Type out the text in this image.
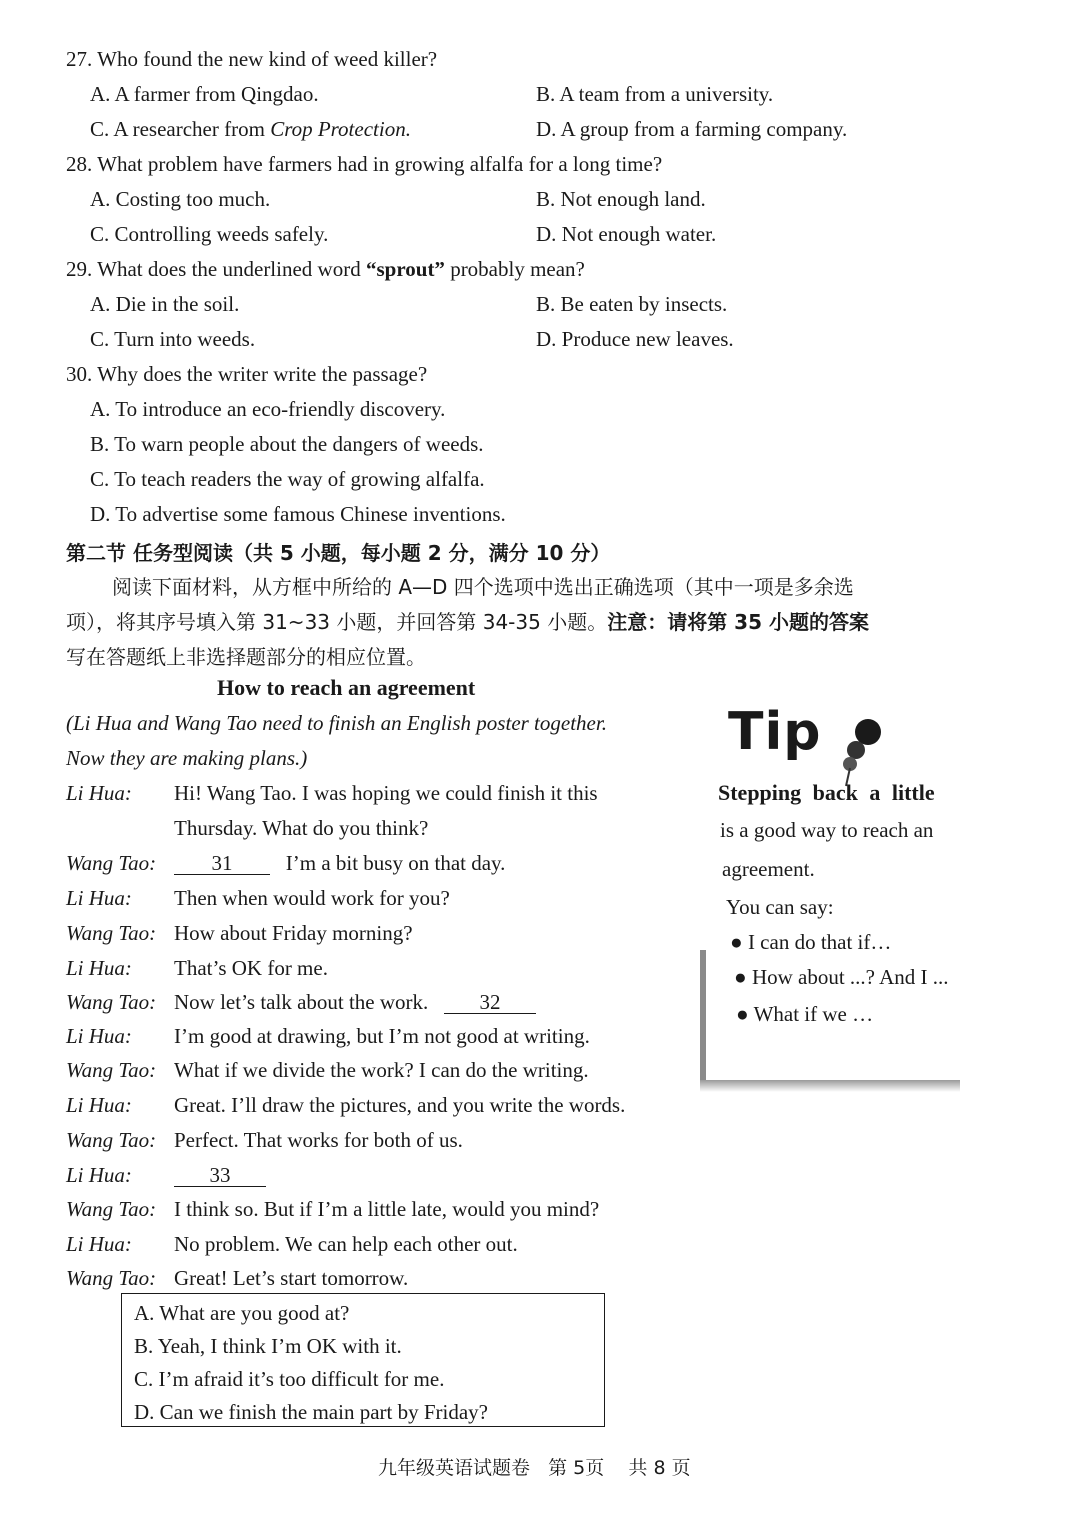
27. Who found the new kind of weed killer?
A. A farmer from Qingdao.	B. A team from a university.
C. A researcher from Crop Protection.	D. A group from a farming company.
28. What problem have farmers had in growing alfalfa for a long time?
A. Costing too much.	B. Not enough land.
C. Controlling weeds safely.	D. Not enough water.
29. What does the underlined word “sprout” probably mean?
A. Die in the soil.	B. Be eaten by insects.
C. Turn into weeds.	D. Produce new leaves.
30. Why does the writer write the passage?
A. To introduce an eco-friendly discovery.
B. To warn people about the dangers of weeds.
C. To teach readers the way of growing alfalfa.
D. To advertise some famous Chinese inventions.
第二节 任务型阅读（共 5 小题，每小题 2 分，满分 10 分）
阅读下面材料，从方框中所给的 A—D 四个选项中选出正确选项（其中一项是多余选
项），将其序号填入第 31~33 小题，并回答第 34-35 小题。注意：请将第 35 小题的答案
写在答题纸上非选择题部分的相应位置。
How to reach an agreement
(Li Hua and Wang Tao need to finish an English poster together.
Now they are making plans.)
Li Hua: Hi! Wang Tao. I was hoping we could finish it this
Thursday. What do you think?
Wang Tao:	31	I’m a bit busy on that day.
Li Hua: Then when would work for you?
Wang Tao: How about Friday morning?
Li Hua: That’s OK for me.
Wang Tao: Now let’s talk about the work. 32
Li Hua: I’m good at drawing, but I’m not good at writing.
Wang Tao: What if we divide the work? I can do the writing.
Li Hua: Great. I’ll draw the pictures, and you write the words.
Wang Tao: Perfect. That works for both of us.
Li Hua:	33
Wang Tao: I think so. But if I’m a little late, would you mind?
Li Hua: No problem. We can help each other out.
Wang Tao: Great! Let’s start tomorrow.
Tip
Stepping back a little
is a good way to reach an
agreement.
You can say:
● I can do that if…
● How about ...? And I ...
● What if we …
A. What are you good at?
B. Yeah, I think I’m OK with it.
C. I’m afraid it’s too difficult for me.
D. Can we finish the main part by Friday?
九年级英语试题卷   第 5页    共 8 页
